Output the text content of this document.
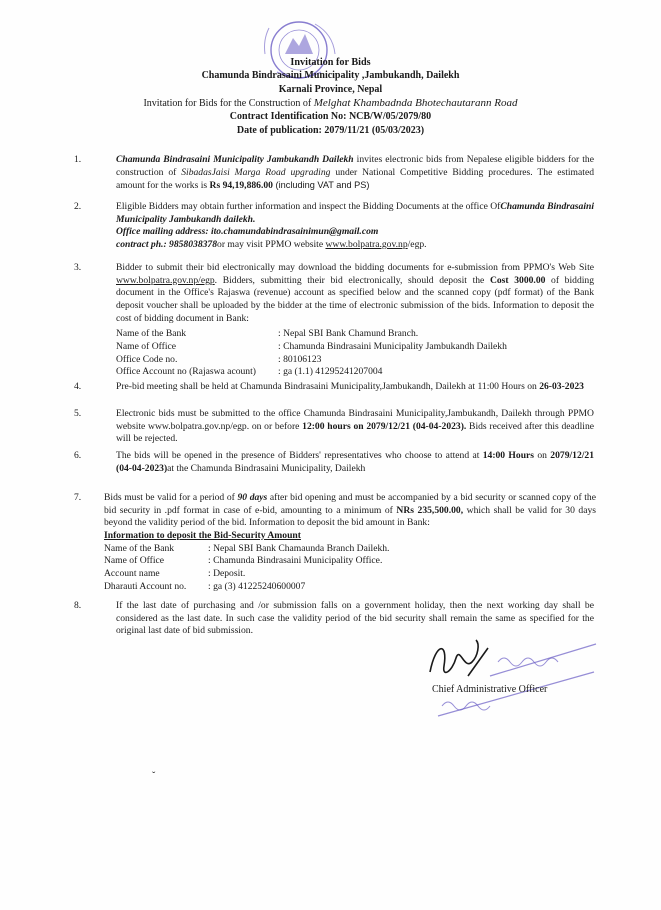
Invitation for Bids
Chamunda Bindrasaini Municipality ,Jambukandh, Dailekh
Karnali Province, Nepal
Invitation for Bids for the Construction of Melghat Khambadnda Bhotechautarann Road
Contract Identification No: NCB/W/05/2079/80
Date of publication: 2079/11/21 (05/03/2023)
1.	Chamunda Bindrasaini Municipality Jambukandh Dailekh invites electronic bids from Nepalese eligible bidders for the construction of SibadasJaisi Marga Road upgrading under National Competitive Bidding procedures. The estimated amount for the works is Rs 94,19,886.00 (including VAT and PS)
2.	Eligible Bidders may obtain further information and inspect the Bidding Documents at the office OfChamunda Bindrasaini Municipality Jambukandh dailekh.
Office mailing address: ito.chamundabindrasainimun@gmail.com
contract ph.: 9858038378or may visit PPMO website www.bolpatra.gov.np/egp.
3.	Bidder to submit their bid electronically may download the bidding documents for e-submission from PPMO's Web Site www.bolpatra.gov.np/egp. Bidders, submitting their bid electronically, should deposit the Cost 3000.00 of bidding document in the Office's Rajaswa (revenue) account as specified below and the scanned copy (pdf format) of the Bank deposit voucher shall be uploaded by the bidder at the time of electronic submission of the bids. Information to deposit the cost of bidding document in Bank:
Name of the Bank	: Nepal SBI Bank Chamund Branch.
Name of Office	: Chamunda Bindrasaini Municipality Jambukandh Dailekh
Office Code no.	: 80106123
Office Account no (Rajaswa acount)	: ga (1.1) 41295241207004
4.	Pre-bid meeting shall be held at Chamunda Bindrasaini Municipality,Jambukandh, Dailekh at 11:00 Hours on 26-03-2023
5.	Electronic bids must be submitted to the office Chamunda Bindrasaini Municipality,Jambukandh, Dailekh through PPMO website www.bolpatra.gov.np/egp. on or before 12:00 hours on 2079/12/21 (04-04-2023). Bids received after this deadline will be rejected.
6.	The bids will be opened in the presence of Bidders' representatives who choose to attend at 14:00 Hours on 2079/12/21 (04-04-2023)at the Chamunda Bindrasaini Municipality, Dailekh
7.	Bids must be valid for a period of 90 days after bid opening and must be accompanied by a bid security or scanned copy of the bid security in .pdf format in case of e-bid, amounting to a minimum of NRs 235,500.00, which shall be valid for 30 days beyond the validity period of the bid. Information to deposit the bid amount in Bank:
Information to deposit the Bid-Security Amount
Name of the Bank	: Nepal SBI Bank Chamaunda Branch Dailekh.
Name of Office	: Chamunda Bindrasaini Municipality Office.
Account name	: Deposit.
Dharauti Account no.	: ga (3) 41225240600007
8.	If the last date of purchasing and /or submission falls on a government holiday, then the next working day shall be considered as the last date. In such case the validity period of the bid security shall remain the same as specified for the original last date of bid submission.
Chief Administrative Officer
ˇ
